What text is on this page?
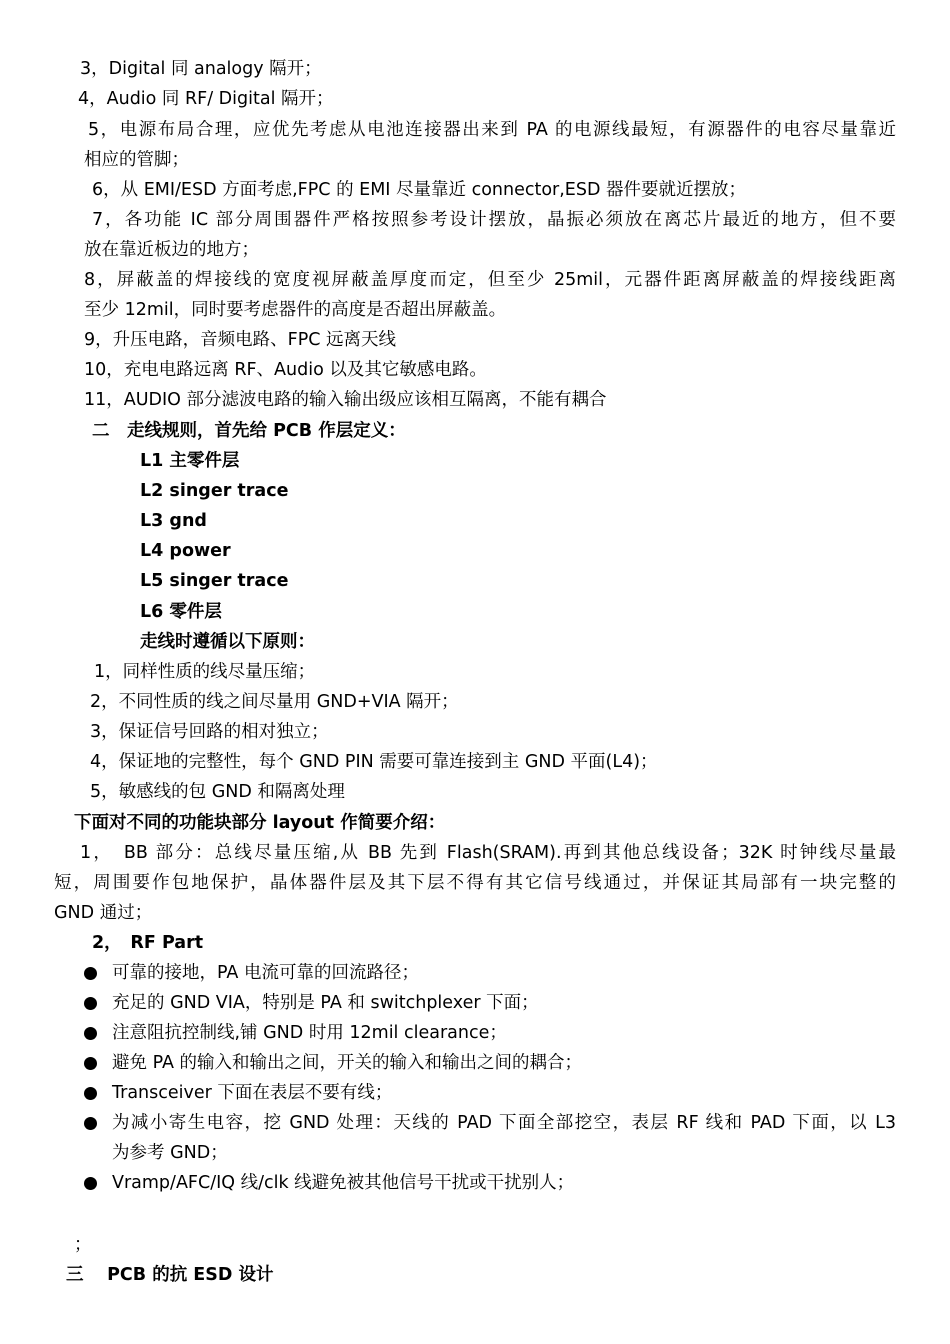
3，Digital 同 analogy 隔开；
4，Audio 同 RF/ Digital 隔开；
5，电源布局合理，应优先考虑从电池连接器出来到 PA 的电源线最短，有源器件的电容尽量靠近
相应的管脚；
6，从 EMI/ESD 方面考虑,FPC 的 EMI 尽量靠近 connector,ESD 器件要就近摆放；
7，各功能 IC 部分周围器件严格按照参考设计摆放，晶振必须放在离芯片最近的地方，但不要
放在靠近板边的地方；
8，屏蔽盖的焊接线的宽度视屏蔽盖厚度而定，但至少 25mil，元器件距离屏蔽盖的焊接线距离
至少 12mil，同时要考虑器件的高度是否超出屏蔽盖。
9，升压电路，音频电路、FPC 远离天线
10，充电电路远离 RF、Audio 以及其它敏感电路。
11，AUDIO 部分滤波电路的输入输出级应该相互隔离，不能有耦合
二　走线规则，首先给 PCB 作层定义：
L1 主零件层
L2 singer trace
L3 gnd
L4 power
L5 singer trace
L6 零件层
走线时遵循以下原则：
1，同样性质的线尽量压缩；
2，不同性质的线之间尽量用 GND+VIA 隔开；
3，保证信号回路的相对独立；
4，保证地的完整性，每个 GND PIN 需要可靠连接到主 GND 平面(L4)；
5，敏感线的包 GND 和隔离处理
下面对不同的功能块部分 layout 作简要介绍：
1，　BB 部分：总线尽量压缩,从 BB 先到 Flash(SRAM).再到其他总线设备；32K 时钟线尽量最
短，周围要作包地保护，晶体器件层及其下层不得有其它信号线通过，并保证其局部有一块完整的
GND 通过；
2，　RF Part
可靠的接地，PA 电流可靠的回流路径；
充足的 GND VIA，特别是 PA 和 switchplexer 下面；
注意阻抗控制线,铺 GND 时用 12mil clearance；
避免 PA 的输入和输出之间，开关的输入和输出之间的耦合；
Transceiver 下面在表层不要有线；
为减小寄生电容，挖 GND 处理：天线的 PAD 下面全部挖空，表层 RF 线和 PAD 下面，以 L3
为参考 GND；
Vramp/AFC/IQ 线/clk 线避免被其他信号干扰或干扰别人；
；
三　 PCB 的抗 ESD 设计
